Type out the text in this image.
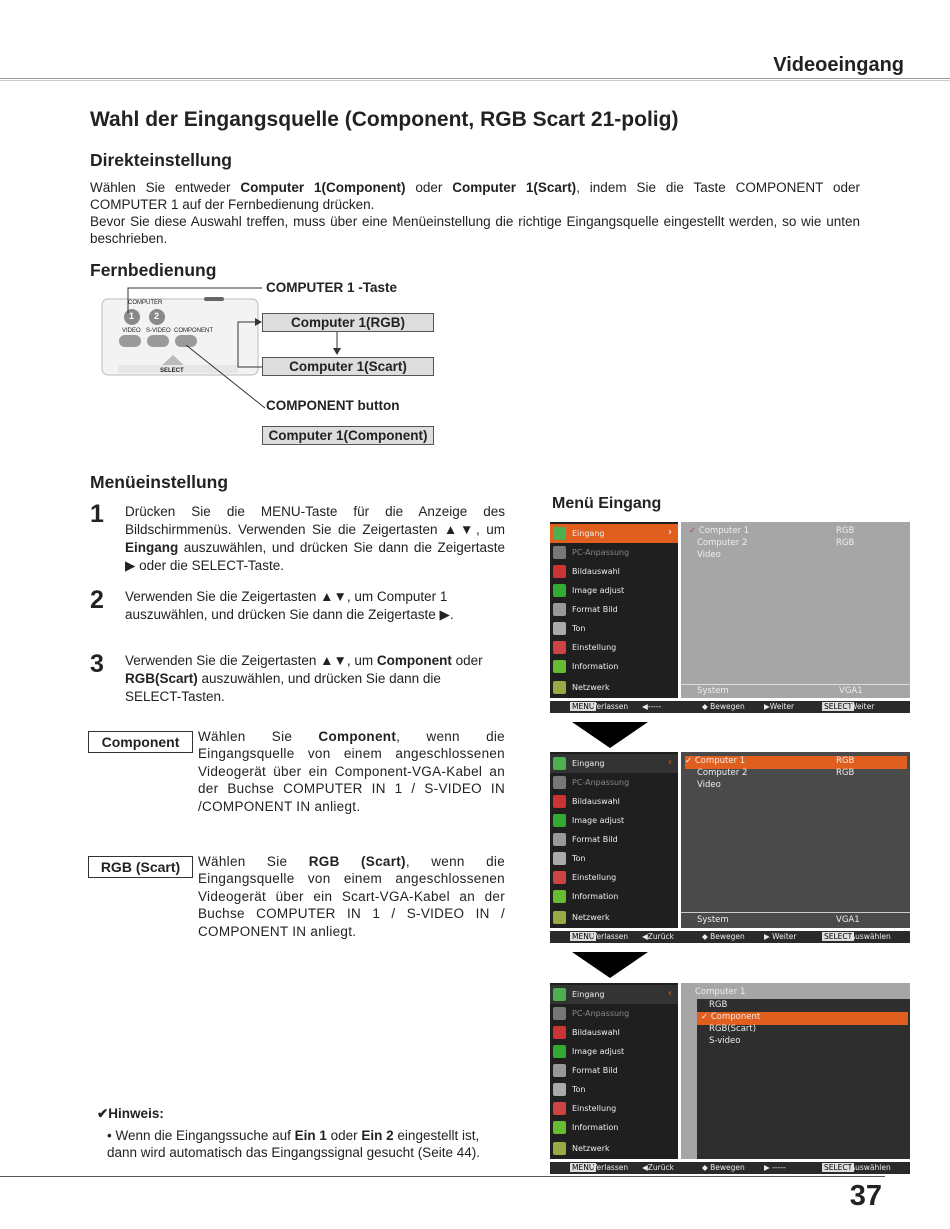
Videoeingang
Wahl der Eingangsquelle (Component, RGB Scart 21-polig)
Direkteinstellung
Wählen Sie entweder Computer 1(Component) oder Computer 1(Scart), indem Sie die Taste COMPONENT oder COMPUTER 1 auf der Fernbedienung drücken.
Bevor Sie diese Auswahl treffen, muss über eine Menüeinstellung die richtige Eingangsquelle eingestellt werden, so wie unten beschrieben.
Fernbedienung
COMPUTER
1 2
VIDEO S-VIDEO COMPONENT
SELECT
COMPUTER 1 -Taste
Computer 1(RGB)
Computer 1(Scart)
COMPONENT button
Computer 1(Component)
Menüeinstellung
1 Drücken Sie die MENU-Taste für die Anzeige des Bildschirmmenüs. Verwenden Sie die Zeigertasten ▲▼, um Eingang auszuwählen, und drücken Sie dann die Zeigertaste ▶ oder die SELECT-Taste.
2 Verwenden Sie die Zeigertasten ▲▼, um Computer 1 auszuwählen, und drücken Sie dann die Zeigertaste ▶.
3 Verwenden Sie die Zeigertasten ▲▼, um Component oder RGB(Scart) auszuwählen, und drücken Sie dann die SELECT-Tasten.
Component	Wählen Sie Component, wenn die Eingangsquelle von einem angeschlossenen Videogerät über ein Component-VGA-Kabel an der Buchse COMPUTER IN 1 / S-VIDEO IN /COMPONENT IN anliegt.
RGB (Scart)	Wählen Sie RGB (Scart), wenn die Eingangsquelle von einem angeschlossenen Videogerät über ein Scart-VGA-Kabel an der Buchse COMPUTER IN 1 / S-VIDEO IN / COMPONENT IN anliegt.
Menü Eingang
Eingang	›
PC-Anpassung
Bildauswahl
Image adjust
Format Bild
Ton
Einstellung
Information
Netzwerk
✓ Computer 1	RGB
Computer 2	RGB
Video
System	VGA1
MENU
Verlassen ◀-----	◆ Bewegen	▶Weiter	SELECT
Weiter
Eingang	‹
PC-Anpassung
Bildauswahl
Image adjust
Format Bild
Ton
Einstellung
Information
Netzwerk
✓ Computer 1	RGB
Computer 2	RGB
Video
System	VGA1
MENU
Verlassen ◀Zurück	◆ Bewegen	▶ Weiter	SELECT
Auswählen
Eingang	‹
PC-Anpassung
Bildauswahl
Image adjust
Format Bild
Ton
Einstellung
Information
Netzwerk
Computer 1
RGB
✓ Component
RGB(Scart)
S-video
MENU
Verlassen ◀Zurück	◆ Bewegen	▶ -----	SELECT
Auswählen
✔Hinweis:
• Wenn die Eingangssuche auf Ein 1 oder Ein 2 eingestellt ist, dann wird automatisch das Eingangssignal gesucht (Seite 44).
37
